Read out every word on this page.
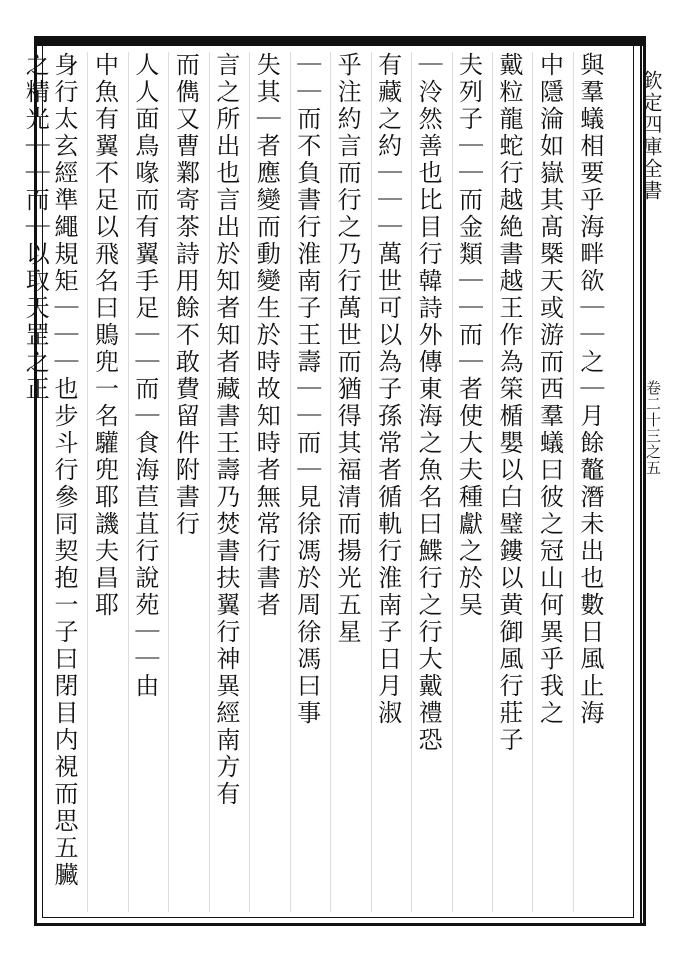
欽定四庫全書
卷二十三之五
與羣蟻相要乎海畔欲｜｜之｜月餘鼇潛未出也數日風止海
中隱淪如嶽其髙槩天或游而西羣蟻曰彼之冠山何異乎我之
戴粒龍蛇行越絶書越王作為筞楯嬰以白璧鏤以黄御風行莊子
夫列子｜｜而金類｜｜而｜者使大夫種獻之於吴
｜泠然善也比目行韓詩外傳東海之魚名曰鰈行之行大戴禮恐
有藏之約｜｜｜萬世可以為子孫常者循軌行淮南子日月淑
乎注約言而行之乃行萬世而猶得其福清而揚光五星
｜｜而不負書行淮南子王壽｜｜而｜見徐馮於周徐馮曰事
失其｜者應變而動變生於時故知時者無常行書者
言之所出也言出於知者知者藏書王壽乃焚書扶翼行神異經南方有
而儁又曹鄴寄茶詩用餘不敢費留件附書行
人人面鳥喙而有翼手足｜｜而｜食海苣苴行說苑｜｜由
中魚有翼不足以飛名曰鵙兜一名驩兜耶譏夫昌耶
身行太玄經準繩規矩｜｜｜也步斗行參同契抱一子曰閉目内視而思五臟之精光｜｜而｜以取天罡之正
